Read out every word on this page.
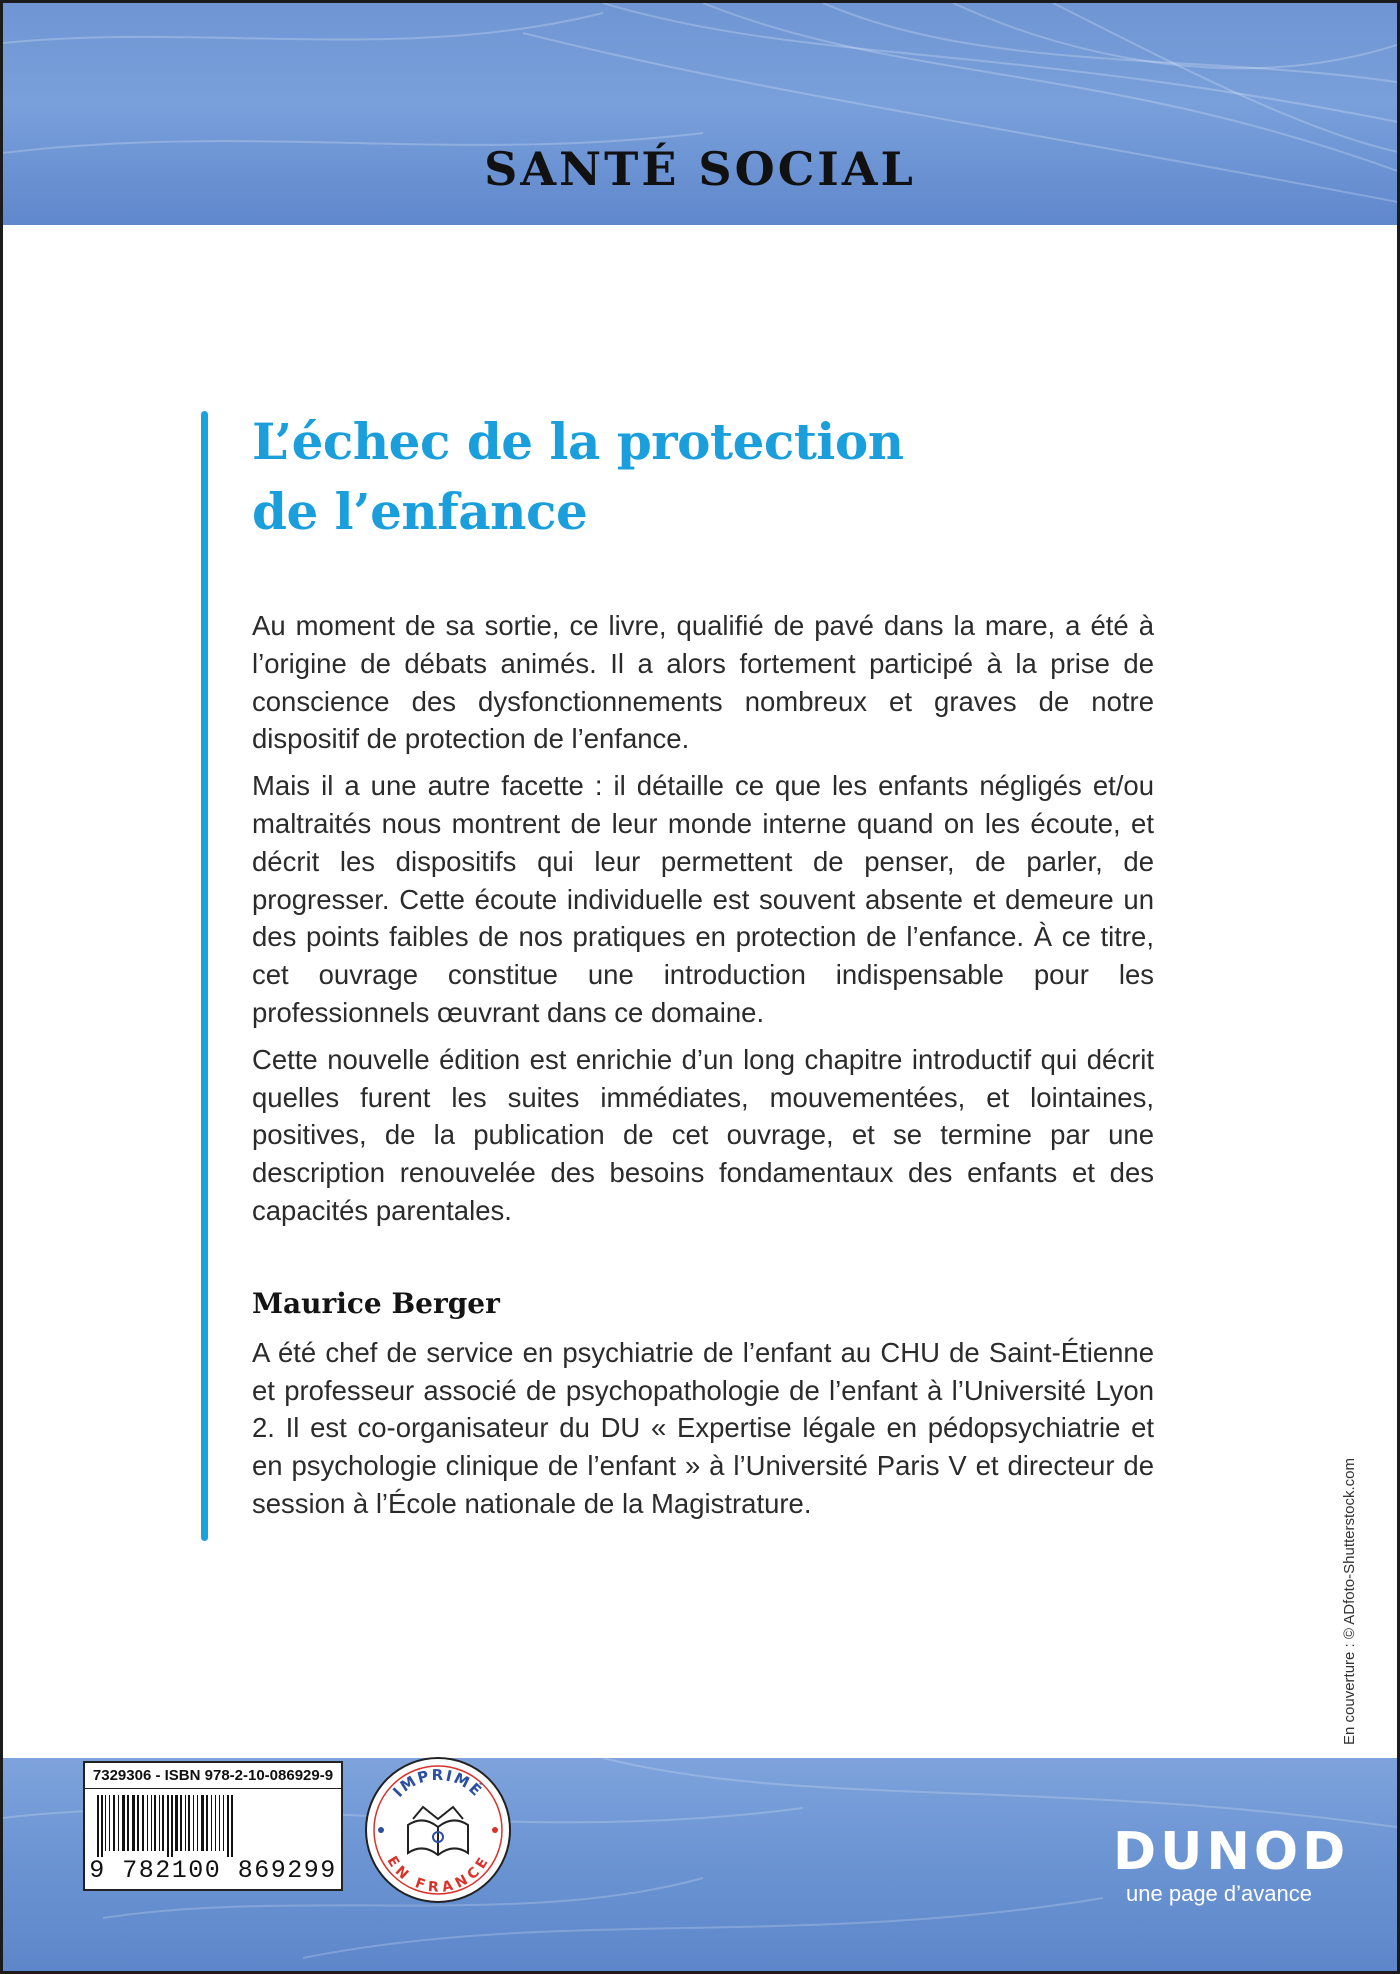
SANTÉ SOCIAL
L’échec de la protection
de l’enfance

Au moment de sa sortie, ce livre, qualifié de pavé dans la mare, a été à l’origine de débats animés. Il a alors fortement participé à la prise de conscience des dysfonctionnements nombreux et graves de notre dispositif de protection de l’enfance.

Mais il a une autre facette : il détaille ce que les enfants négligés et/ou maltraités nous montrent de leur monde interne quand on les écoute, et décrit les dispositifs qui leur permettent de penser, de parler, de progresser. Cette écoute individuelle est souvent absente et demeure un des points faibles de nos pratiques en protection de l’enfance. À ce titre, cet ouvrage constitue une introduction indispensable pour les professionnels œuvrant dans ce domaine.

Cette nouvelle édition est enrichie d’un long chapitre introductif qui décrit quelles furent les suites immédiates, mouvementées, et lointaines, positives, de la publication de cet ouvrage, et se termine par une description renouvelée des besoins fondamentaux des enfants et des capacités parentales.

Maurice Berger

A été chef de service en psychiatrie de l’enfant au CHU de Saint-Étienne et professeur associé de psychopathologie de l’enfant à l’Université Lyon 2. Il est co-organisateur du DU « Expertise légale en pédopsychiatrie et en psychologie clinique de l’enfant » à l’Université Paris V et directeur de session à l’École nationale de la Magistrature.	En couverture : © ADfoto-Shutterstock.com
7329306 - ISBN 978-2-10-086929-9
9 782100 869299
IMPRIMÉ
EN FRANCE	DUNOD
une page d’avance
